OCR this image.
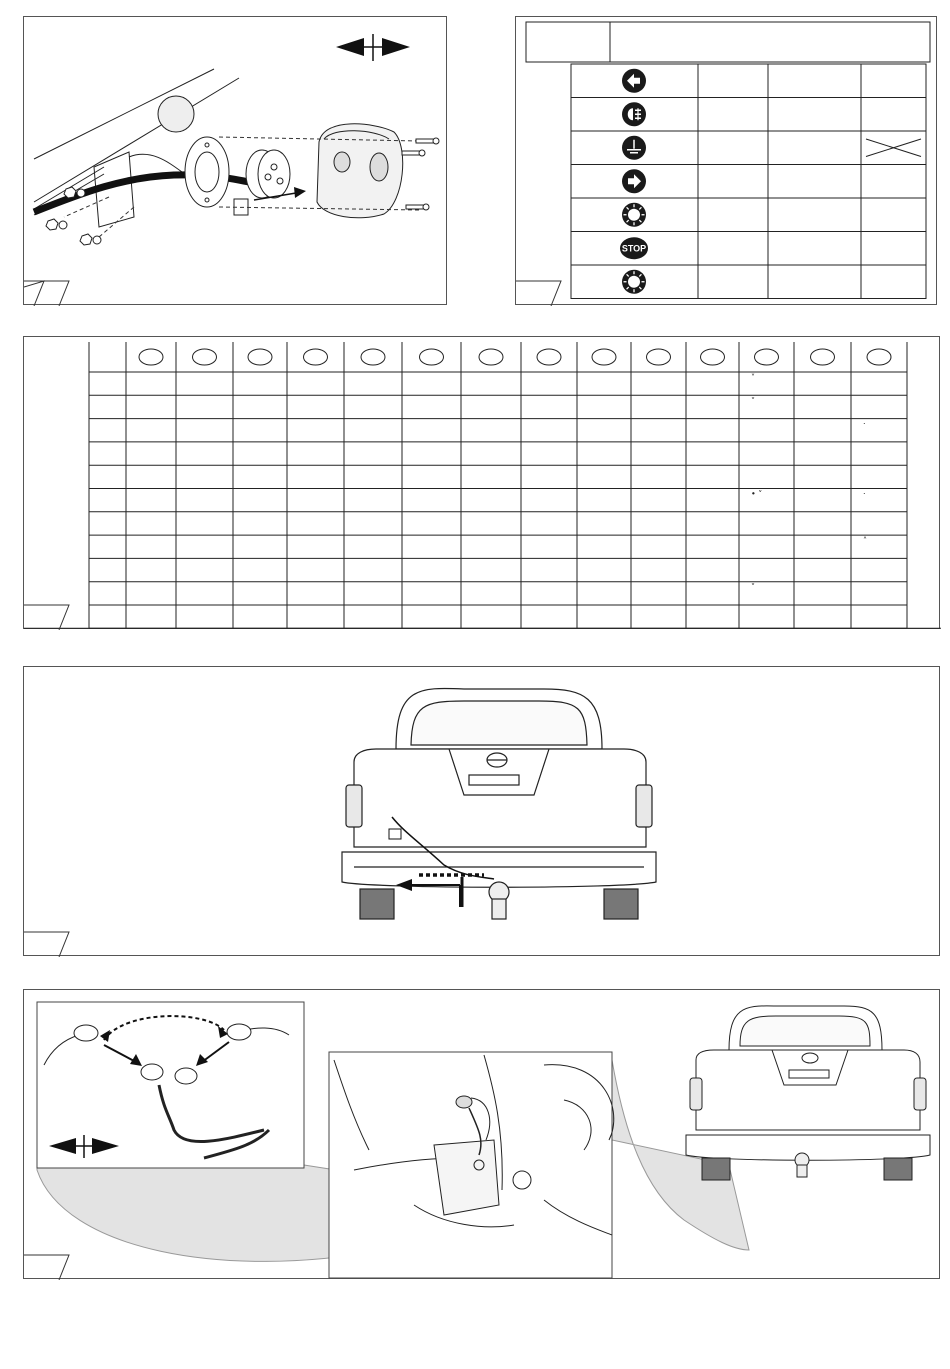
STOP
˅
˅
·
• ˅	·
˄
˅
